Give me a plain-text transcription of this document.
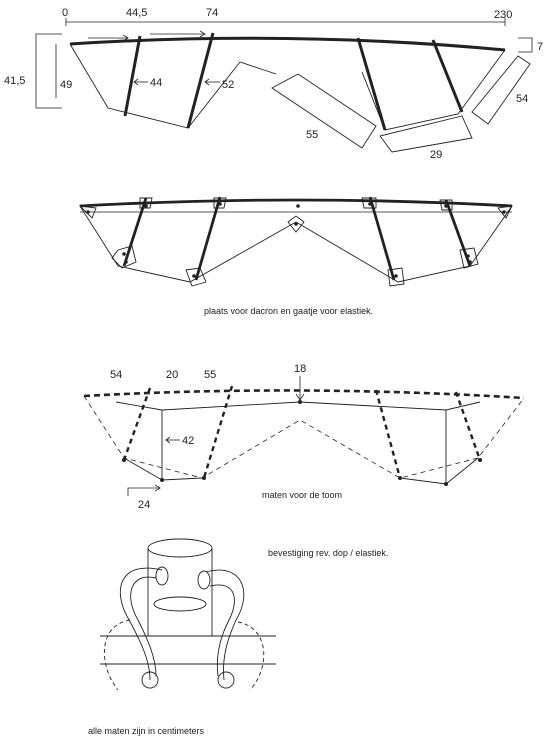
0	44,5	74	230
41,5	49	44	52
55
29
54
7
plaats voor dacron en gaatje voor elastiek.
54	20 55	18
42
24
maten voor de toom
bevestiging rev. dop / elastiek.
alle maten zijn in centimeters
